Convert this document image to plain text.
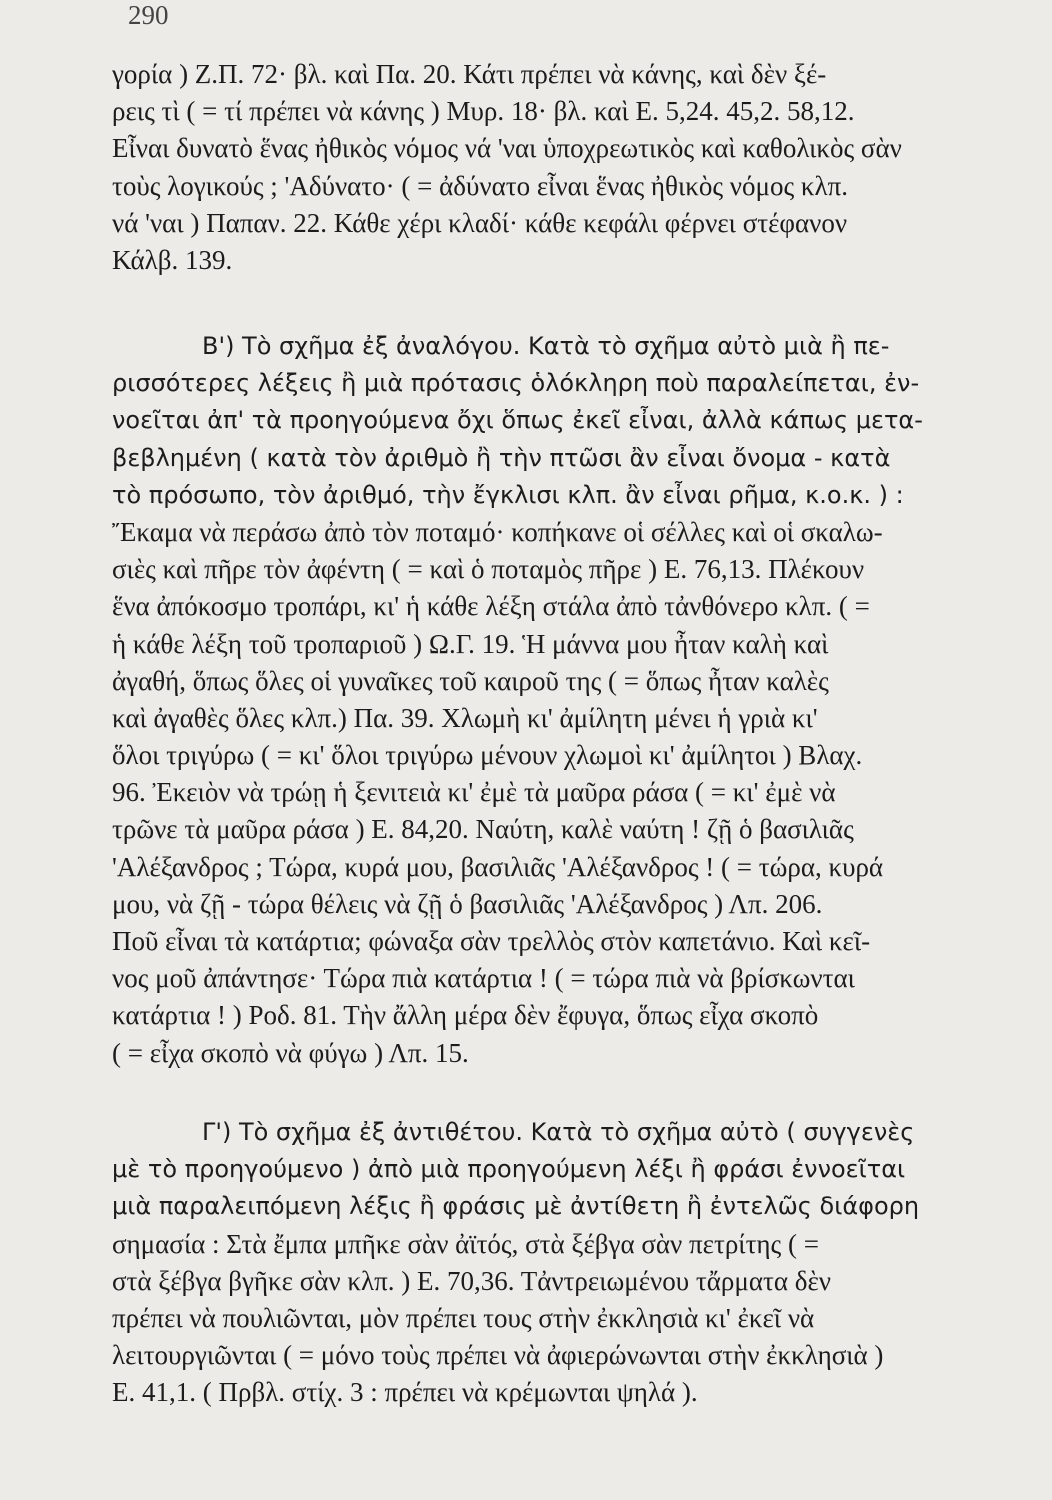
290
γορία ) Ζ.Π. 72· βλ. καὶ Πα. 20. Κάτι πρέπει νὰ κάνης, καὶ δὲν ξέ-
ρεις τὶ ( = τί πρέπει νὰ κάνης ) Μυρ. 18· βλ. καὶ Ε. 5,24. 45,2. 58,12.
Εἶναι δυνατὸ ἕνας ἠθικὸς νόμος νά 'ναι ὑποχρεωτικὸς καὶ καθολικὸς σὰν
τοὺς λογικούς ; 'Αδύνατο· ( = ἀδύνατο εἶναι ἕνας ἠθικὸς νόμος κλπ.
νά 'ναι ) Παπαν. 22. Κάθε χέρι κλαδί· κάθε κεφάλι φέρνει στέφανον
Κάλβ. 139.
Β') Τὸ σχῆμα ἐξ ἀναλόγου. Κατὰ τὸ σχῆμα αὐτὸ μιὰ ἢ πε-
ρισσότερες λέξεις ἢ μιὰ πρότασις ὁλόκληρη ποὺ παραλείπεται, ἐν-
νοεῖται ἀπ' τὰ προηγούμενα ὄχι ὅπως ἐκεῖ εἶναι, ἀλλὰ κάπως μετα-
βεβλημένη ( κατὰ τὸν ἀριθμὸ ἢ τὴν πτῶσι ἂν εἶναι ὄνομα - κατὰ
τὸ πρόσωπο, τὸν ἀριθμό, τὴν ἔγκλισι κλπ. ἂν εἶναι ρῆμα, κ.ο.κ. ) :
Ἔκαμα νὰ περάσω ἀπὸ τὸν ποταμό· κοπήκανε οἱ σέλλες καὶ οἱ σκαλω-
σιὲς καὶ πῆρε τὸν ἀφέντη ( = καὶ ὁ ποταμὸς πῆρε ) Ε. 76,13. Πλέκουν
ἕνα ἀπόκοσμο τροπάρι, κι' ἡ κάθε λέξη στάλα ἀπὸ τἀνθόνερο κλπ. ( =
ἡ κάθε λέξη τοῦ τροπαριοῦ ) Ω.Γ. 19. Ἡ μάννα μου ἦταν καλὴ καὶ
ἀγαθή, ὅπως ὅλες οἱ γυναῖκες τοῦ καιροῦ της ( = ὅπως ἦταν καλὲς
καὶ ἀγαθὲς ὅλες κλπ.) Πα. 39. Χλωμὴ κι' ἀμίλητη μένει ἡ γριὰ κι'
ὅλοι τριγύρω ( = κι' ὅλοι τριγύρω μένουν χλωμοὶ κι' ἀμίλητοι ) Βλαχ.
96. Ἐκειὸν νὰ τρώῃ ἡ ξενιτειὰ κι' ἐμὲ τὰ μαῦρα ράσα ( = κι' ἐμὲ νὰ
τρῶνε τὰ μαῦρα ράσα ) Ε. 84,20. Ναύτη, καλὲ ναύτη ! ζῇ ὁ βασιλιᾶς
'Αλέξανδρος ; Τώρα, κυρά μου, βασιλιᾶς 'Αλέξανδρος ! ( = τώρα, κυρά
μου, νὰ ζῇ - τώρα θέλεις νὰ ζῇ ὁ βασιλιᾶς 'Αλέξανδρος ) Λπ. 206.
Ποῦ εἶναι τὰ κατάρτια; φώναξα σὰν τρελλὸς στὸν καπετάνιο. Καὶ κεῖ-
νος μοῦ ἀπάντησε· Τώρα πιὰ κατάρτια ! ( = τώρα πιὰ νὰ βρίσκωνται
κατάρτια ! ) Ροδ. 81. Τὴν ἄλλη μέρα δὲν ἔφυγα, ὅπως εἶχα σκοπὸ
( = εἶχα σκοπὸ νὰ φύγω ) Λπ. 15.
Γ') Τὸ σχῆμα ἐξ ἀντιθέτου. Κατὰ τὸ σχῆμα αὐτὸ ( συγγενὲς
μὲ τὸ προηγούμενο ) ἀπὸ μιὰ προηγούμενη λέξι ἢ φράσι ἐννοεῖται
μιὰ παραλειπόμενη λέξις ἢ φράσις μὲ ἀντίθετη ἢ ἐντελῶς διάφορη
σημασία : Στὰ ἔμπα μπῆκε σὰν ἀϊτός, στὰ ξέβγα σὰν πετρίτης ( =
στὰ ξέβγα βγῆκε σὰν κλπ. ) Ε. 70,36. Τἀντρειωμένου τἄρματα δὲν
πρέπει νὰ πουλιῶνται, μὸν πρέπει τους στὴν ἐκκλησιὰ κι' ἐκεῖ νὰ
λειτουργιῶνται ( = μόνο τοὺς πρέπει νὰ ἀφιερώνωνται στὴν ἐκκλησιὰ )
Ε. 41,1. ( Πρβλ. στίχ. 3 : πρέπει νὰ κρέμωνται ψηλά ).
